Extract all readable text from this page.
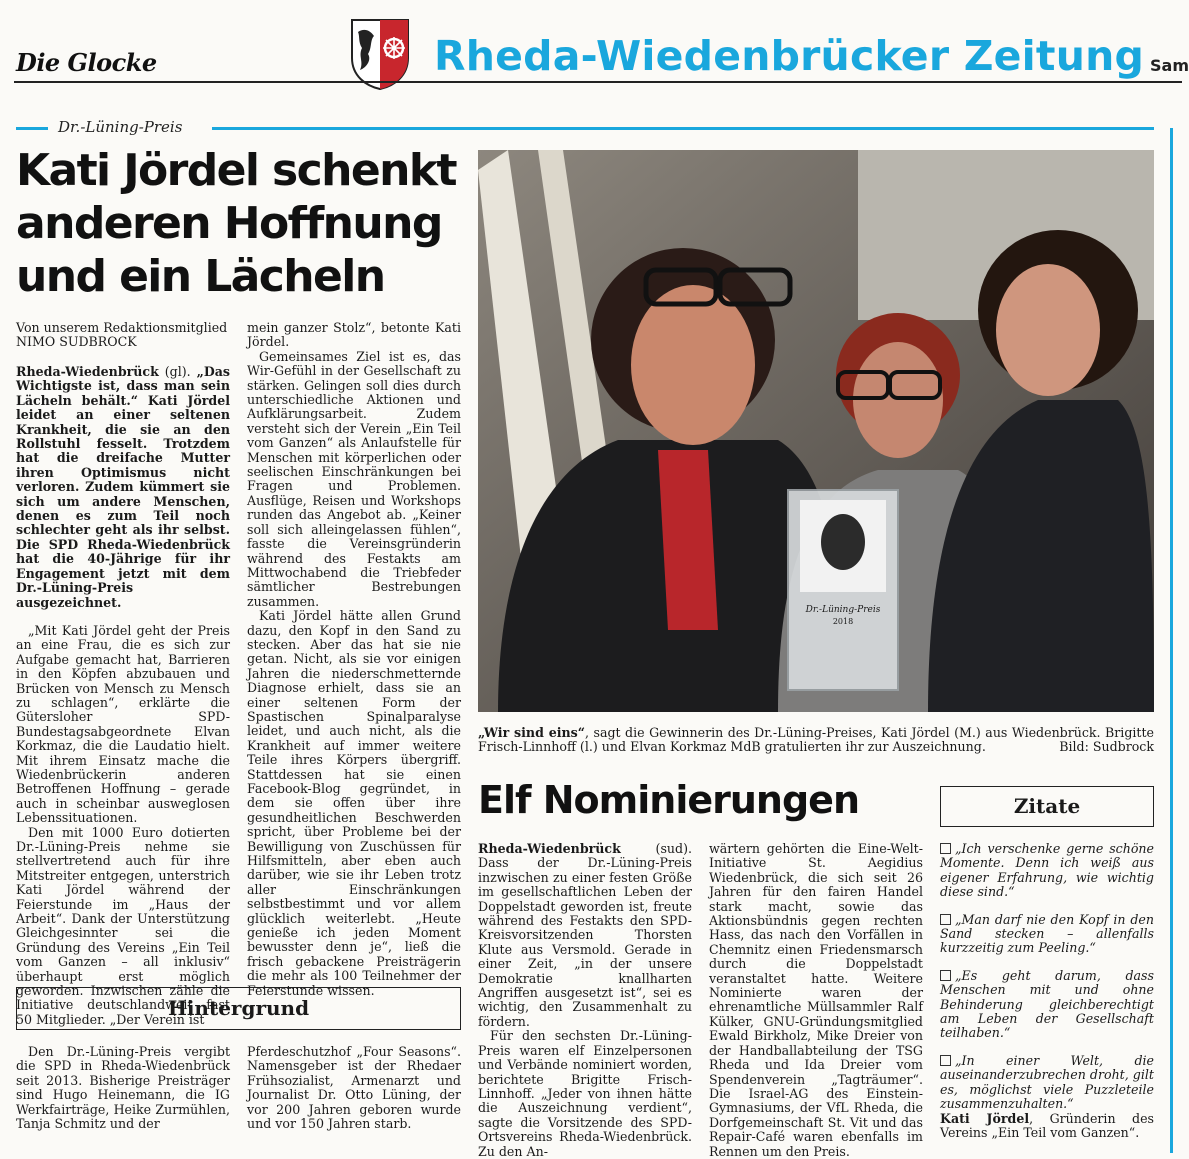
Die Glocke	Rheda-Wiedenbrücker Zeitung Sam
Dr.-Lüning-Preis
Kati Jördel schenkt anderen Hoffnung und ein Lächeln
Von unserem Redaktionsmitglied
NIMO SUDBROCK

Rheda-Wiedenbrück (gl). „Das Wichtigste ist, dass man sein Lächeln behält.“ Kati Jördel leidet an einer seltenen Krankheit, die sie an den Rollstuhl fesselt. Trotzdem hat die dreifache Mutter ihren Optimismus nicht verloren. Zudem kümmert sie sich um andere Menschen, denen es zum Teil noch schlechter geht als ihr selbst. Die SPD Rheda-Wiedenbrück hat die 40-Jährige für ihr Engagement jetzt mit dem Dr.-Lüning-Preis ausgezeichnet.

„Mit Kati Jördel geht der Preis an eine Frau, die es sich zur Aufgabe gemacht hat, Barrieren in den Köpfen abzubauen und Brücken von Mensch zu Mensch zu schlagen“, erklärte die Gütersloher SPD-Bundestagsabgeordnete Elvan Korkmaz, die die Laudatio hielt. Mit ihrem Einsatz mache die Wiedenbrückerin anderen Betroffenen Hoffnung – gerade auch in scheinbar ausweglosen Lebenssituationen.

Den mit 1000 Euro dotierten Dr.-Lüning-Preis nehme sie stellvertretend auch für ihre Mitstreiter entgegen, unterstrich Kati Jördel während der Feierstunde im „Haus der Arbeit“. Dank der Unterstützung Gleichgesinnter sei die Gründung des Vereins „Ein Teil vom Ganzen – all inklusiv“ überhaupt erst möglich geworden. Inzwischen zähle die Initiative deutschlandweit fast 50 Mitglieder. „Der Verein ist

mein ganzer Stolz“, betonte Kati Jördel.

Gemeinsames Ziel ist es, das Wir-Gefühl in der Gesellschaft zu stärken. Gelingen soll dies durch unterschiedliche Aktionen und Aufklärungsarbeit. Zudem versteht sich der Verein „Ein Teil vom Ganzen“ als Anlaufstelle für Menschen mit körperlichen oder seelischen Einschränkungen bei Fragen und Problemen. Ausflüge, Reisen und Workshops runden das Angebot ab. „Keiner soll sich alleingelassen fühlen“, fasste die Vereinsgründerin während des Festakts am Mittwochabend die Triebfeder sämtlicher Bestrebungen zusammen.

Kati Jördel hätte allen Grund dazu, den Kopf in den Sand zu stecken. Aber das hat sie nie getan. Nicht, als sie vor einigen Jahren die niederschmetternde Diagnose erhielt, dass sie an einer seltenen Form der Spastischen Spinalparalyse leidet, und auch nicht, als die Krankheit auf immer weitere Teile ihres Körpers übergriff. Stattdessen hat sie einen Facebook-Blog gegründet, in dem sie offen über ihre gesundheitlichen Beschwerden spricht, über Probleme bei der Bewilligung von Zuschüssen für Hilfsmitteln, aber eben auch darüber, wie sie ihr Leben trotz aller Einschränkungen selbstbestimmt und vor allem glücklich weiterlebt. „Heute genieße ich jeden Moment bewusster denn je“, ließ die frisch gebackene Preisträgerin die mehr als 100 Teilnehmer der Feierstunde wissen.

Dr.-Lüning-Preis
2018
„Wir sind eins“, sagt die Gewinnerin des Dr.-Lüning-Preises, Kati Jördel (M.) aus Wiedenbrück. Brigitte Frisch-Linnhoff (l.) und Elvan Korkmaz MdB gratulierten ihr zur Auszeichnung.	Bild: Sudbrock
Elf Nominierungen

Rheda-Wiedenbrück (sud). Dass der Dr.-Lüning-Preis inzwischen zu einer festen Größe im gesellschaftlichen Leben der Doppelstadt geworden ist, freute während des Festakts den SPD-Kreisvorsitzenden Thorsten Klute aus Versmold. Gerade in einer Zeit, „in der unsere Demokratie knallharten Angriffen ausgesetzt ist“, sei es wichtig, den Zusammenhalt zu fördern.

Für den sechsten Dr.-Lüning-Preis waren elf Einzelpersonen und Verbände nominiert worden, berichtete Brigitte Frisch-Linnhoff. „Jeder von ihnen hätte die Auszeichnung verdient“, sagte die Vorsitzende des SPD-Ortsvereins Rheda-Wiedenbrück. Zu den An-

wärtern gehörten die Eine-Welt-Initiative St. Aegidius Wiedenbrück, die sich seit 26 Jahren für den fairen Handel stark macht, sowie das Aktionsbündnis gegen rechten Hass, das nach den Vorfällen in Chemnitz einen Friedensmarsch durch die Doppelstadt veranstaltet hatte. Weitere Nominierte waren der ehrenamtliche Müllsammler Ralf Külker, GNU-Gründungsmitglied Ewald Birkholz, Mike Dreier von der Handballabteilung der TSG Rheda und Ida Dreier vom Spendenverein „Tagträumer“. Die Israel-AG des Einstein-Gymnasiums, der VfL Rheda, die Dorfgemeinschaft St. Vit und das Repair-Café waren ebenfalls im Rennen um den Preis.

Zitate
„Ich verschenke gerne schöne Momente. Denn ich weiß aus eigener Erfahrung, wie wichtig diese sind.“
„Man darf nie den Kopf in den Sand stecken – allenfalls kurzzeitig zum Peeling.“
„Es geht darum, dass Menschen mit und ohne Behinderung gleichberechtigt am Leben der Gesellschaft teilhaben.“
„In einer Welt, die auseinanderzubrechen droht, gilt es, möglichst viele Puzzleteile zusammenzuhalten.“
Kati Jördel, Gründerin des Vereins „Ein Teil vom Ganzen“.
Hintergrund

Den Dr.-Lüning-Preis vergibt die SPD in Rheda-Wiedenbrück seit 2013. Bisherige Preisträger sind Hugo Heinemann, die IG Werkfairträge, Heike Zurmühlen, Tanja Schmitz und der

Pferdeschutzhof „Four Seasons“. Namensgeber ist der Rhedaer Frühsozialist, Armenarzt und Journalist Dr. Otto Lüning, der vor 200 Jahren geboren wurde und vor 150 Jahren starb.
